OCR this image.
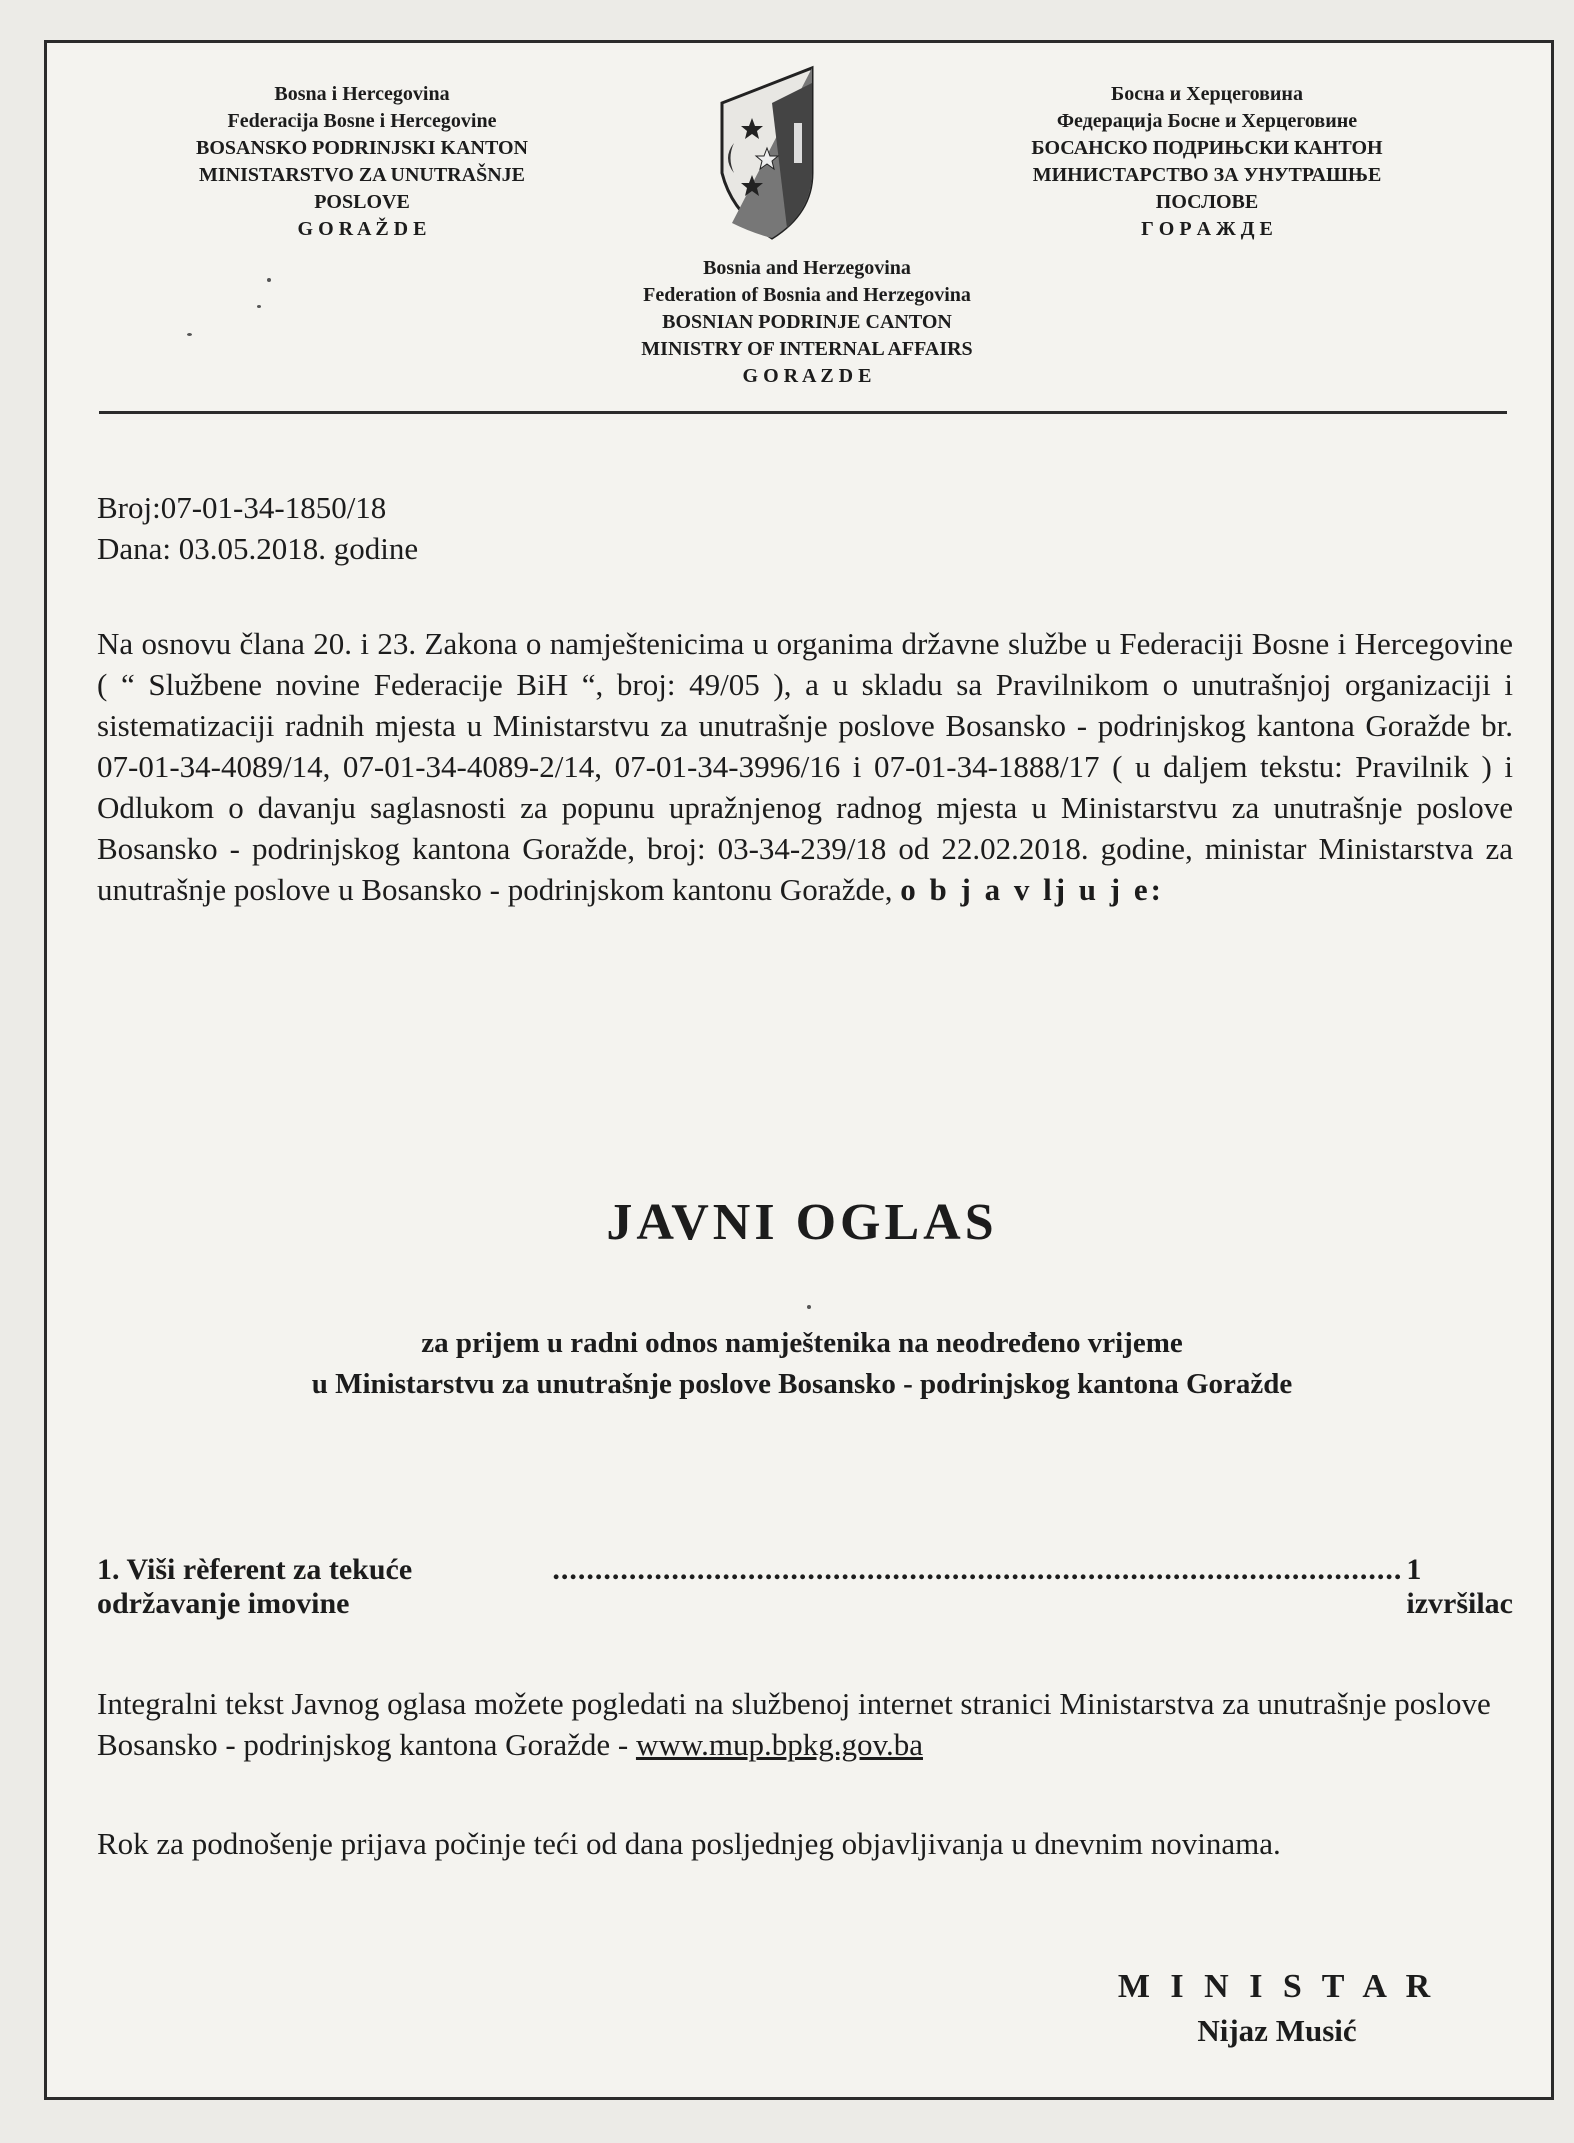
Bosna i Hercegovina
Federacija Bosne i Hercegovine
BOSANSKO PODRINJSKI KANTON
MINISTARSTVO ZA UNUTRAŠNJE
POSLOVE
G O R A Ž D E
Босна и Херцеговина
Федерација Босне и Херцеговине
БОСАНСКО ПОДРИЊСКИ КАНТОН
МИНИСТАРСТВО ЗА УНУТРАШЊЕ
ПОСЛОВЕ
Г О Р А Ж Д Е
Bosnia and Herzegovina
Federation of Bosnia and Herzegovina
BOSNIAN PODRINJE CANTON
MINISTRY OF INTERNAL AFFAIRS
G O R A Z D E
Broj:07-01-34-1850/18
Dana: 03.05.2018. godine
Na osnovu člana 20. i 23. Zakona o namještenicima u organima državne službe u Federaciji Bosne i Hercegovine ( “ Službene novine Federacije BiH “, broj: 49/05 ), a u skladu sa Pravilnikom o unutrašnjoj organizaciji i sistematizaciji radnih mjesta u Ministarstvu za unutrašnje poslove Bosansko - podrinjskog kantona Goražde br. 07-01-34-4089/14, 07-01-34-4089-2/14, 07-01-34-3996/16 i 07-01-34-1888/17 ( u daljem tekstu: Pravilnik ) i Odlukom o davanju saglasnosti za popunu upražnjenog radnog mjesta u Ministarstvu za unutrašnje poslove Bosansko - podrinjskog kantona Goražde, broj: 03-34-239/18 od 22.02.2018. godine, ministar Ministarstva za unutrašnje poslove u Bosansko - podrinjskom kantonu Goražde, o b j a v lj u j e:
JAVNI OGLAS
za prijem u radni odnos namještenika na neodređeno vrijeme
u Ministarstvu za unutrašnje poslove Bosansko - podrinjskog kantona Goražde
1. Viši rèferent za tekuće održavanje imovine
.................................................................................................... 1 izvršilac
Integralni tekst Javnog oglasa možete pogledati na službenoj internet stranici Ministarstva za unutrašnje poslove Bosansko - podrinjskog kantona Goražde - www.mup.bpkg.gov.ba
Rok za podnošenje prijava počinje teći od dana posljednjeg objavljivanja u dnevnim novinama.
M I N I S T A R
Nijaz Musić
